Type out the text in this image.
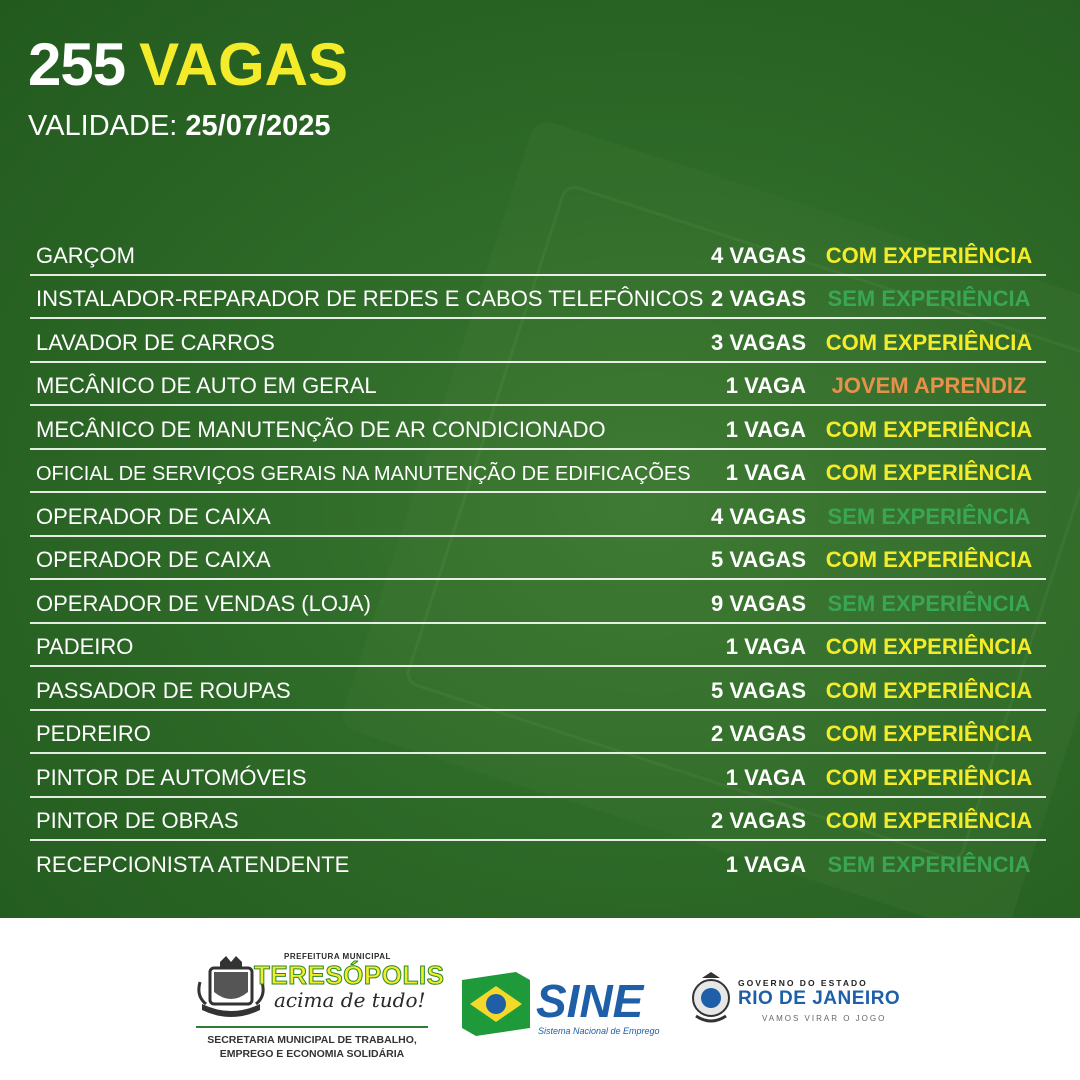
255 VAGAS
VALIDADE: 25/07/2025
GARÇOM	4 VAGAS COM EXPERIÊNCIA
INSTALADOR-REPARADOR DE REDES E CABOS TELEFÔNICOS 2 VAGAS SEM EXPERIÊNCIA
LAVADOR DE CARROS	3 VAGAS COM EXPERIÊNCIA
MECÂNICO DE AUTO EM GERAL	1 VAGA	JOVEM APRENDIZ
MECÂNICO DE MANUTENÇÃO DE AR CONDICIONADO	1 VAGA COM EXPERIÊNCIA
OFICIAL DE SERVIÇOS GERAIS NA MANUTENÇÃO DE EDIFICAÇÕES 1 VAGA COM EXPERIÊNCIA
OPERADOR DE CAIXA	4 VAGAS SEM EXPERIÊNCIA
OPERADOR DE CAIXA	5 VAGAS COM EXPERIÊNCIA
OPERADOR DE VENDAS (LOJA)	9 VAGAS SEM EXPERIÊNCIA
PADEIRO	1 VAGA COM EXPERIÊNCIA
PASSADOR DE ROUPAS	5 VAGAS COM EXPERIÊNCIA
PEDREIRO	2 VAGAS COM EXPERIÊNCIA
PINTOR DE AUTOMÓVEIS	1 VAGA COM EXPERIÊNCIA
PINTOR DE OBRAS	2 VAGAS COM EXPERIÊNCIA
RECEPCIONISTA ATENDENTE	1 VAGA SEM EXPERIÊNCIA
PREFEITURA MUNICIPAL
TERESÓPOLIS
acima de tudo!
SECRETARIA MUNICIPAL DE TRABALHO,
EMPREGO E ECONOMIA SOLIDÁRIA
SINE
Sistema Nacional de Emprego
GOVERNO DO ESTADO
RIO DE JANEIRO
VAMOS VIRAR O JOGO
